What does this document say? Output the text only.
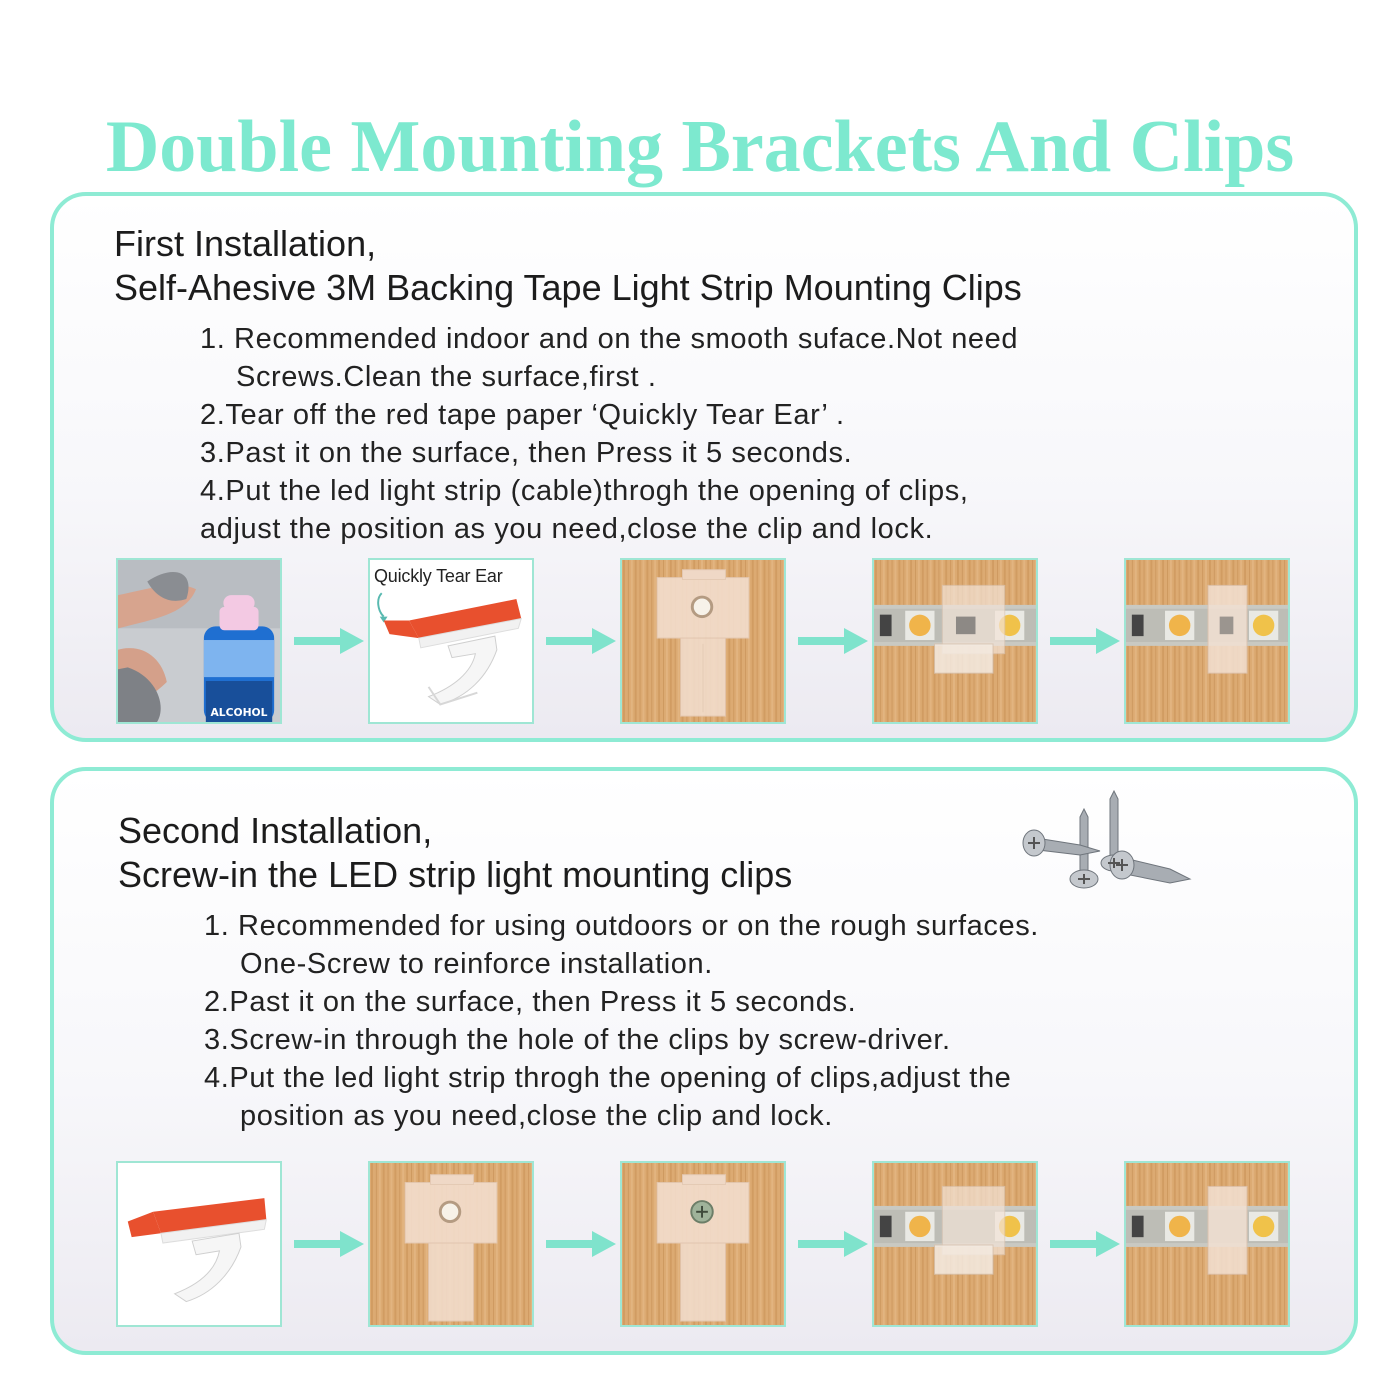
Double Mounting Brackets And Clips
First Installation,
Self-Ahesive 3M Backing Tape Light Strip Mounting Clips
1. Recommended indoor and on the smooth suface.Not need
Screws.Clean the surface,first .
2.Tear off the red tape paper ‘Quickly Tear Ear’ .
3.Past it on the surface, then Press it 5 seconds.
4.Put the led light strip (cable)throgh the opening of clips,
adjust the position as you need,close the clip and lock.
ALCOHOL
Quickly Tear Ear
Second Installation,
Screw-in the LED strip light mounting clips
1. Recommended for using outdoors or on the rough surfaces.
One-Screw to reinforce installation.
2.Past it on the surface, then Press it 5 seconds.
3.Screw-in through the hole of the clips by screw-driver.
4.Put the led light strip throgh the opening of clips,adjust the
position as you need,close the clip and lock.
